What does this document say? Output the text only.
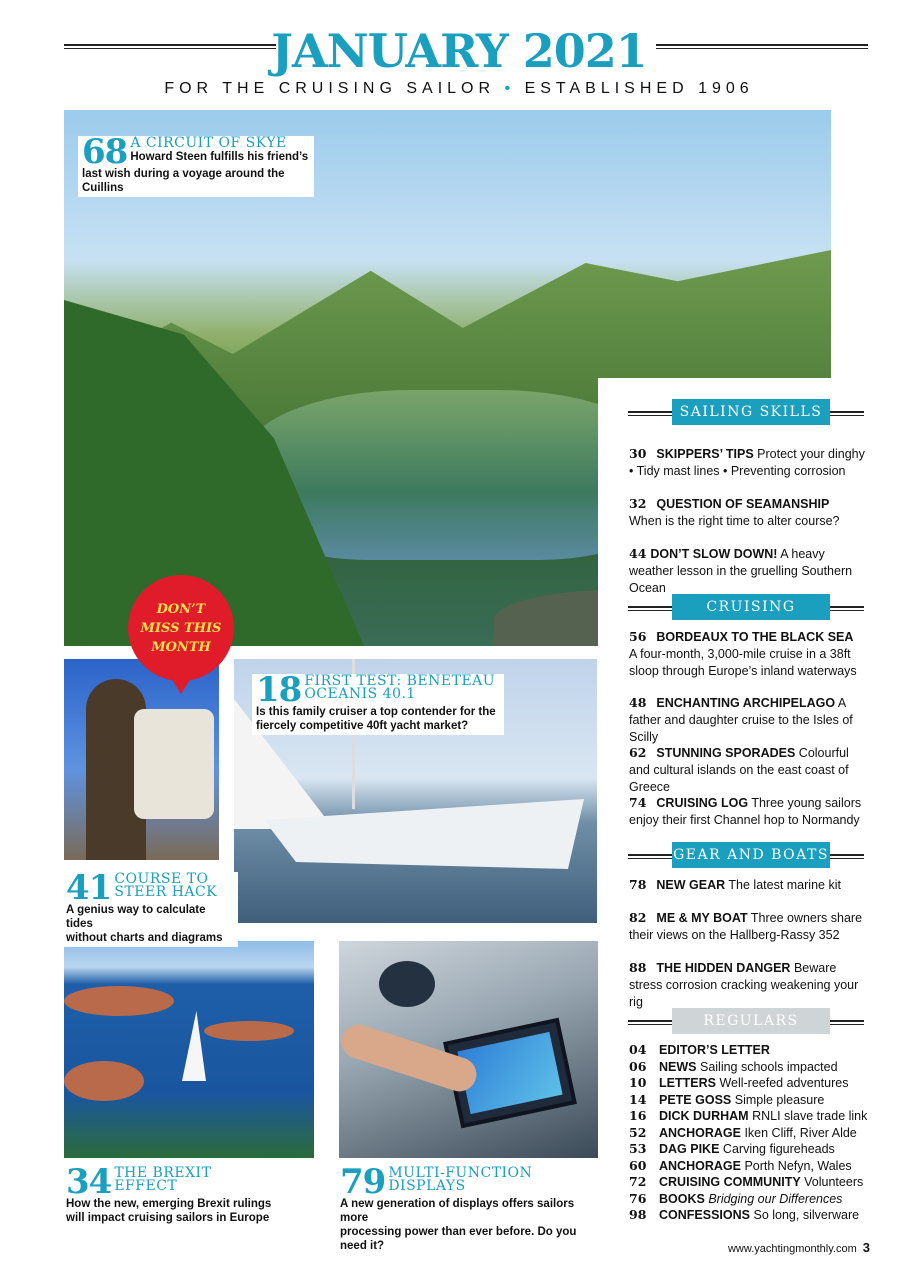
JANUARY 2021
FOR THE CRUISING SAILOR • ESTABLISHED 1906
68 A CIRCUIT OF SKYE
Howard Steen fulfills his friend’s
last wish during a voyage around the Cuillins
DON’T
MISS THIS
MONTH
18 FIRST TEST: BENETEAU
OCEANIS 40.1
Is this family cruiser a top contender for the
fiercely competitive 40ft yacht market?
41 COURSE TO
STEER HACK
A genius way to calculate tides
without charts and diagrams
34 THE BREXIT
EFFECT
How the new, emerging Brexit rulings
will impact cruising sailors in Europe
79 MULTI-FUNCTION
DISPLAYS
A new generation of displays offers sailors more
processing power than ever before. Do you need it?
SAILING SKILLS
30 SKIPPERS’ TIPS Protect your dinghy • Tidy mast lines • Preventing corrosion
32 QUESTION OF SEAMANSHIP
When is the right time to alter course?
44 DON’T SLOW DOWN! A heavy weather lesson in the gruelling Southern Ocean
CRUISING
56 BORDEAUX TO THE BLACK SEA
A four-month, 3,000-mile cruise in a 38ft sloop through Europe’s inland waterways
48 ENCHANTING ARCHIPELAGO A father and daughter cruise to the Isles of Scilly
62 STUNNING SPORADES Colourful and cultural islands on the east coast of Greece
74 CRUISING LOG Three young sailors enjoy their first Channel hop to Normandy
GEAR AND BOATS
78 NEW GEAR The latest marine kit
82 ME & MY BOAT Three owners share their views on the Hallberg-Rassy 352
88 THE HIDDEN DANGER Beware stress corrosion cracking weakening your rig
REGULARS
04 EDITOR’S LETTER
06 NEWS Sailing schools impacted
10 LETTERS Well-reefed adventures
14 PETE GOSS Simple pleasure
16 DICK DURHAM RNLI slave trade link
52 ANCHORAGE Iken Cliff, River Alde
53 DAG PIKE Carving figureheads
60 ANCHORAGE Porth Nefyn, Wales
72 CRUISING COMMUNITY Volunteers
76 BOOKS Bridging our Differences
98 CONFESSIONS So long, silverware
www.yachtingmonthly.com 3
